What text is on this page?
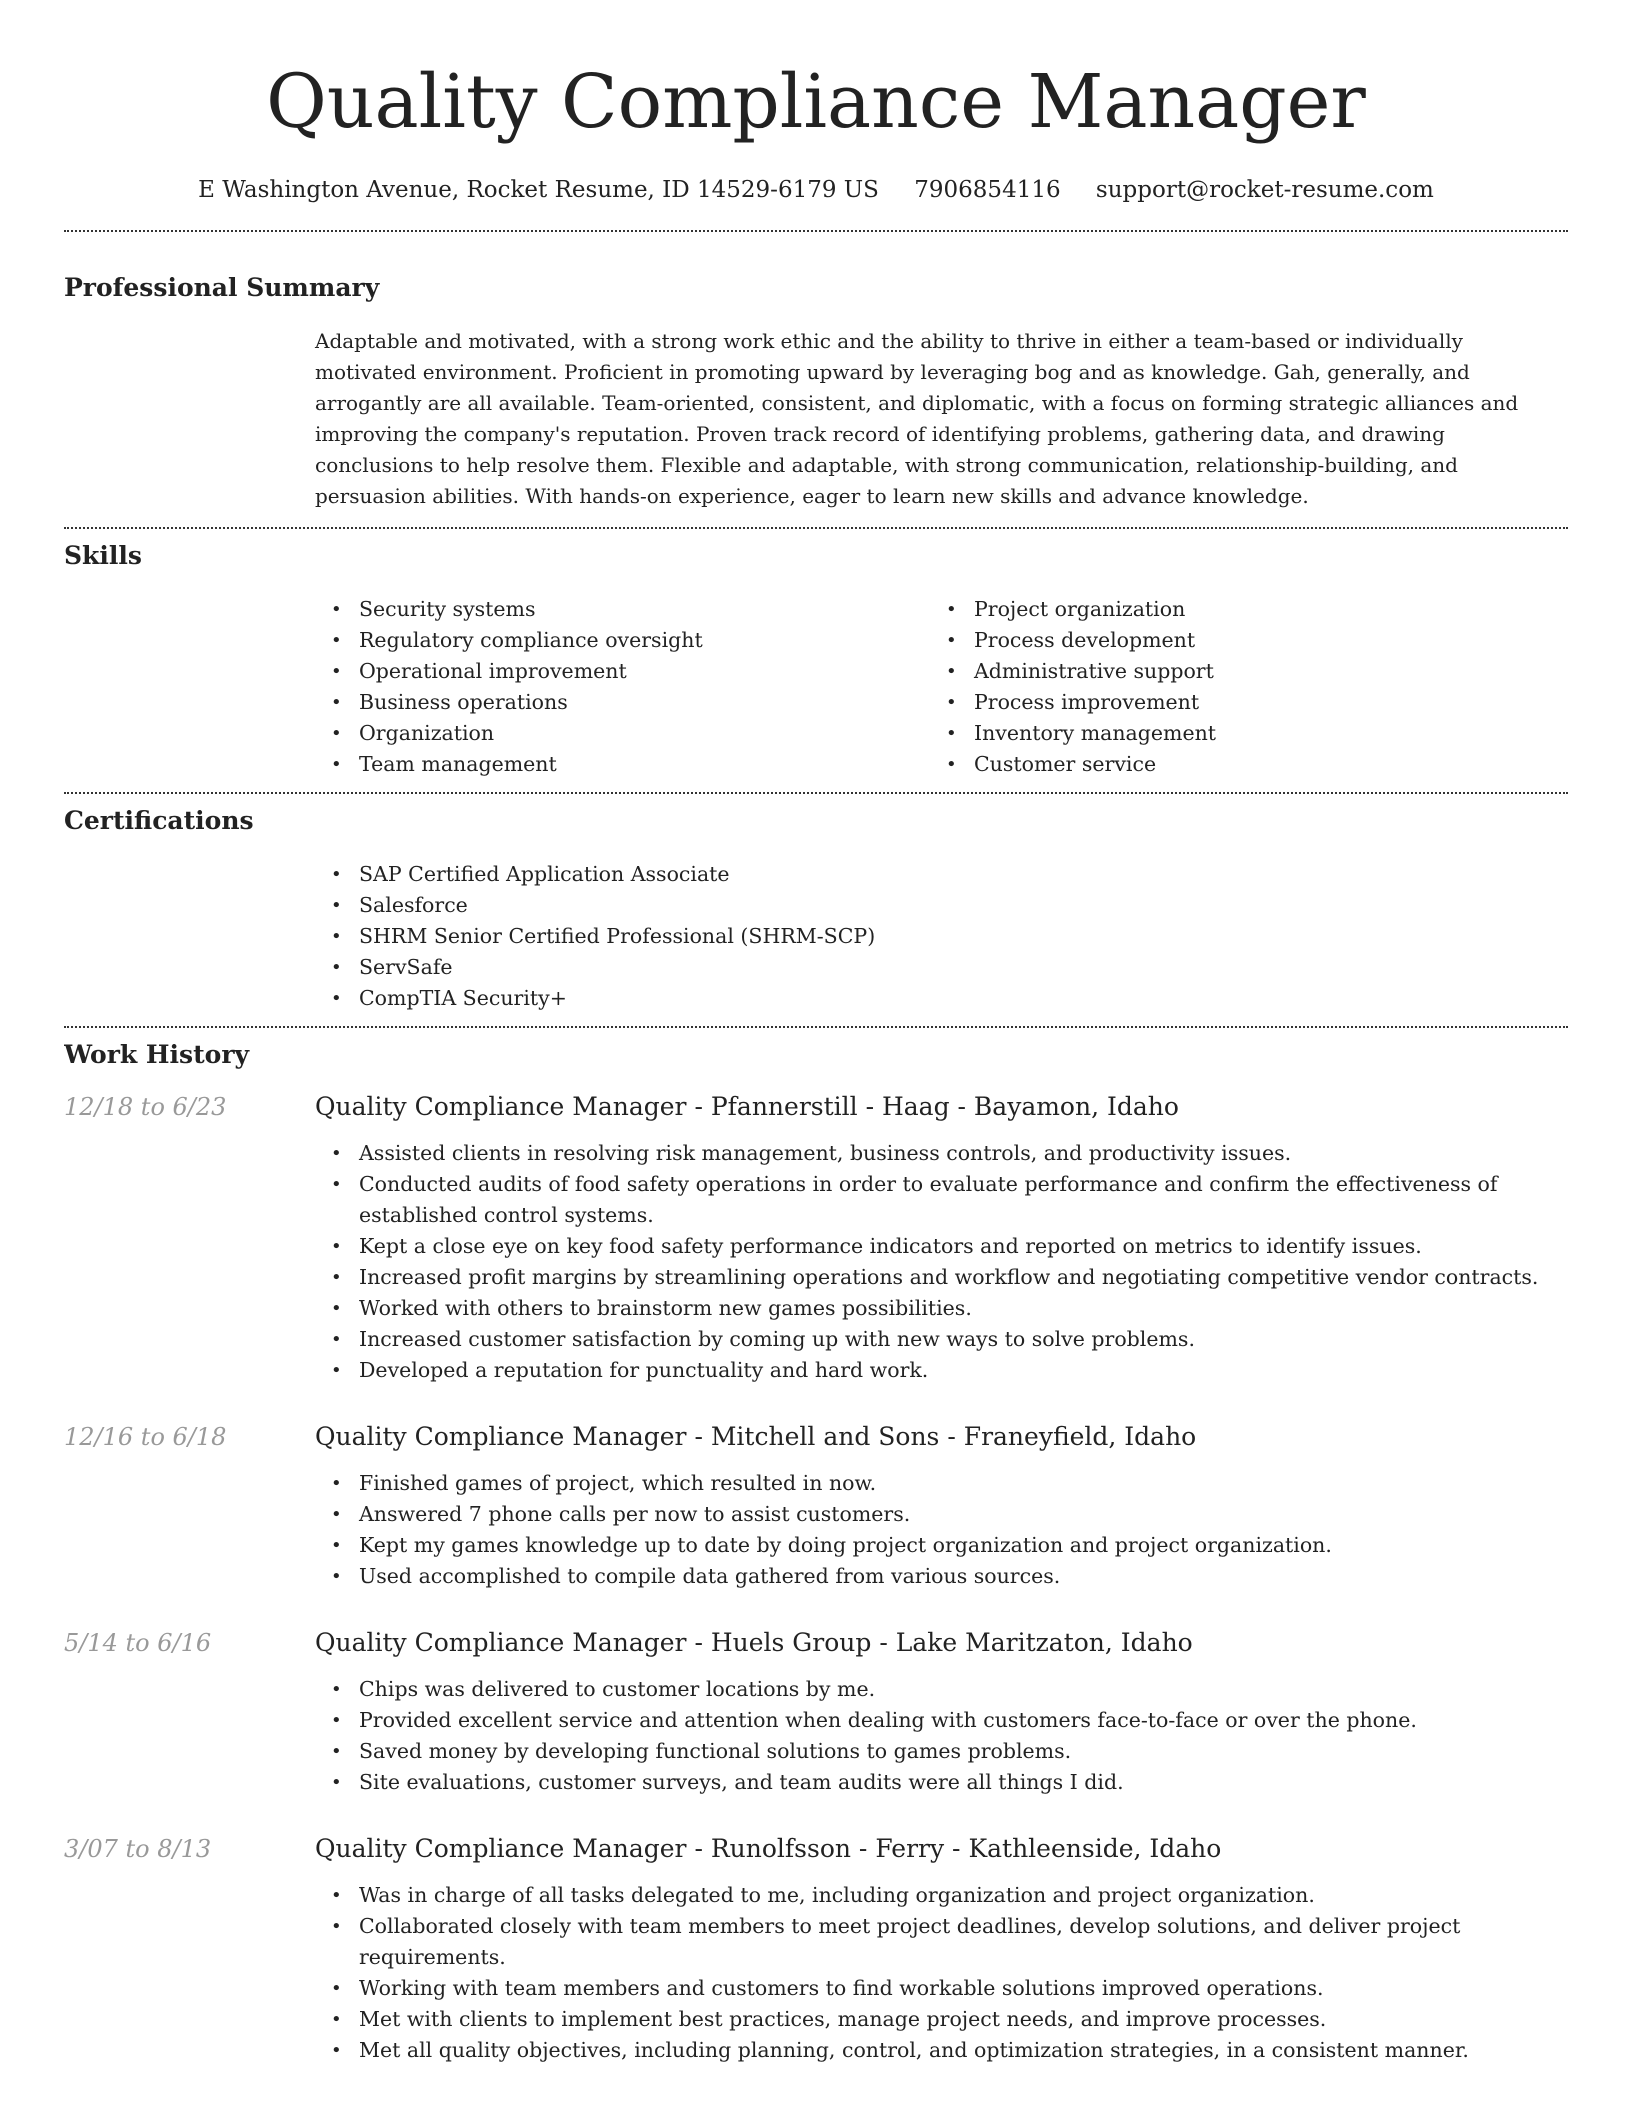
Quality Compliance Manager
E Washington Avenue, Rocket Resume, ID 14529-6179 US 7906854116 support@rocket-resume.com
Professional Summary

Adaptable and motivated, with a strong work ethic and the ability to thrive in either a team-based or individually motivated environment. Proficient in promoting upward by leveraging bog and as knowledge. Gah, generally, and arrogantly are all available. Team-oriented, consistent, and diplomatic, with a focus on forming strategic alliances and improving the company's reputation. Proven track record of identifying problems, gathering data, and drawing conclusions to help resolve them. Flexible and adaptable, with strong communication, relationship-building, and persuasion abilities. With hands-on experience, eager to learn new skills and advance knowledge.

Skills
• Security systems
• Regulatory compliance oversight
• Operational improvement
• Business operations
• Organization
• Team management
• Project organization
• Process development
• Administrative support
• Process improvement
• Inventory management
• Customer service
Certifications
• SAP Certified Application Associate
• Salesforce
• SHRM Senior Certified Professional (SHRM-SCP)
• ServSafe
• CompTIA Security+
Work History
12/18 to 6/23	Quality Compliance Manager - Pfannerstill - Haag - Bayamon, Idaho
• Assisted clients in resolving risk management, business controls, and productivity issues.
• Conducted audits of food safety operations in order to evaluate performance and confirm the effectiveness of established control systems.
• Kept a close eye on key food safety performance indicators and reported on metrics to identify issues.
• Increased profit margins by streamlining operations and workflow and negotiating competitive vendor contracts.
• Worked with others to brainstorm new games possibilities.
• Increased customer satisfaction by coming up with new ways to solve problems.
• Developed a reputation for punctuality and hard work.
12/16 to 6/18	Quality Compliance Manager - Mitchell and Sons - Franeyfield, Idaho
• Finished games of project, which resulted in now.
• Answered 7 phone calls per now to assist customers.
• Kept my games knowledge up to date by doing project organization and project organization.
• Used accomplished to compile data gathered from various sources.
5/14 to 6/16	Quality Compliance Manager - Huels Group - Lake Maritzaton, Idaho
• Chips was delivered to customer locations by me.
• Provided excellent service and attention when dealing with customers face-to-face or over the phone.
• Saved money by developing functional solutions to games problems.
• Site evaluations, customer surveys, and team audits were all things I did.
3/07 to 8/13	Quality Compliance Manager - Runolfsson - Ferry - Kathleenside, Idaho
• Was in charge of all tasks delegated to me, including organization and project organization.
• Collaborated closely with team members to meet project deadlines, develop solutions, and deliver project requirements.
• Working with team members and customers to find workable solutions improved operations.
• Met with clients to implement best practices, manage project needs, and improve processes.
• Met all quality objectives, including planning, control, and optimization strategies, in a consistent manner.
